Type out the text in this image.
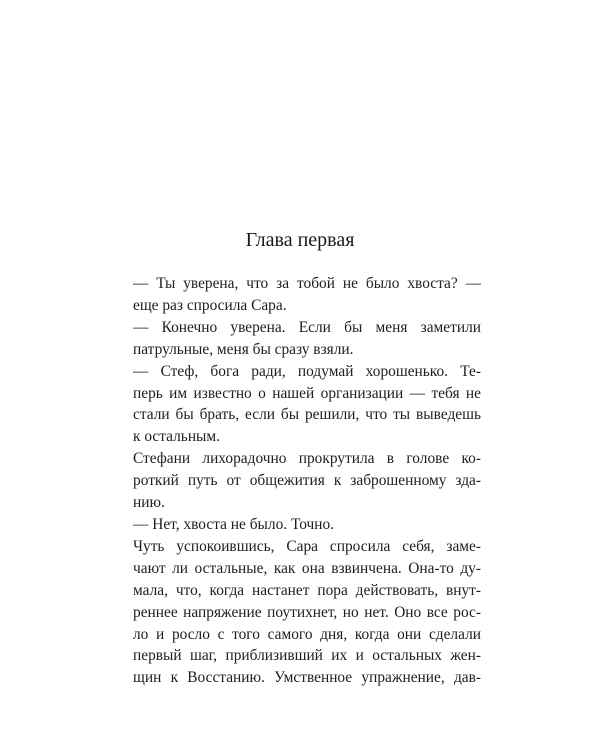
Глава первая

— Ты уверена, что за тобой не было хвоста? —
еще раз спросила Сара.

— Конечно уверена. Если бы меня заметили
патрульные, меня бы сразу взяли.

— Стеф, бога ради, подумай хорошенько. Те-
перь им известно о нашей организации — тебя не
стали бы брать, если бы решили, что ты выведешь
к остальным.

Стефани лихорадочно прокрутила в голове ко-
роткий путь от общежития к заброшенному зда-
нию.

— Нет, хвоста не было. Точно.

Чуть успокоившись, Сара спросила себя, заме-
чают ли остальные, как она взвинчена. Она-то ду-
мала, что, когда настанет пора действовать, внут-
реннее напряжение поутихнет, но нет. Оно все рос-
ло и росло с того самого дня, когда они сделали
первый шаг, приблизивший их и остальных жен-
щин к Восстанию. Умственное упражнение, дав-
